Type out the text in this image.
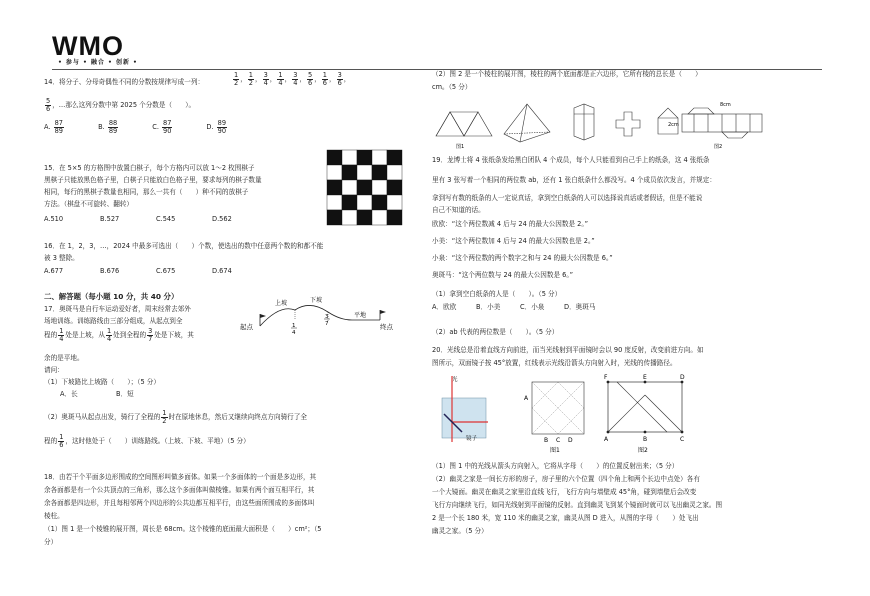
WMO
• 参与 • 融合 • 创新 •
14．将分子、分母奇偶性不同的分数按规律写成一列：	$\frac{1}{2}$ ， $\frac{1}{2}$ ， $\frac{3}{4}$ ， $\frac{1}{4}$ ， $\frac{3}{4}$ ， $\frac{5}{6}$ ， $\frac{1}{6}$ ， $\frac{3}{6}$ ，
$\frac{5}{6}$ ，…那么这列分数中第 2025 个分数是（　　）。
A. $\frac{87}{89}$	B. $\frac{88}{89}$	C. $\frac{87}{90}$	D. $\frac{89}{90}$
15．在 5×5 的方格图中放置白棋子，每个方格内可以放 1～2 枚围棋子
黑棋子只能放黑色格子里，白棋子只能放白色格子里，要求每列的棋子数量
相同，每行的黑棋子数量也相同，那么一共有（　　）种不同的放棋子
方法。（棋盘不可旋转、翻转）
A.510	B.527	C.545	D.562
16．在 1，2，3，…，2024 中最多可选出（　　）个数，使选出的数中任意两个数的和都不能
被 3 整除。
A.677	B.676	C.675	D.674
二、解答题（每小题 10 分，共 40 分）
17．奥斑马是自行车运动爱好者，周末经常去郊外
场地训练。训练路线由三部分组成，从起点到全
程的 $\frac{1}{4}$ 处是上坡，从 $\frac{1}{4}$ 处到全程的 $\frac{3}{7}$ 处是下坡，其
余的是平地。
起点	终点
上坡	下坡
平地
1
4
3
7
请问：
（1）下坡路比上坡路（　　）；（5 分）
A．长	B．短
（2）奥斑马从起点出发，骑行了全程的 $\frac{1}{2}$ 时在原地休息，然后又继续向终点方向骑行了全
程的 $\frac{1}{6}$ ，这时他处于（　　）训练路线。（上坡、下坡、平地）（5 分）
18．由若干个平面多边形围成的空间图形叫做多面体。如果一个多面体的一个面是多边形，其
余各面都是有一个公共顶点的三角形，那么这个多面体叫做棱锥。如果有两个面互相平行，其
余各面都是四边形，并且每相邻两个四边形的公共边都互相平行，由这些面所围成的多面体叫
棱柱。
（1）图 1 是一个棱锥的展开图，周长是 68cm。这个棱锥的底面最大面积是（　　）cm²；（5
分）
（2）图 2 是一个棱柱的展开图，棱柱的两个底面都是正六边形，它所有棱的总长是（　　）
cm。（5 分）
图1	图2
8cm
2cm
19．龙博士将 4 张纸条发给黑白团队 4 个成员，每个人只能看到自己手上的纸条，这 4 张纸条
里有 3 张写着一个相同的两位数 ab，还有 1 张白纸条什么都没写。4 个成员依次发言，并规定：
拿到写有数的纸条的人一定说真话，拿到空白纸条的人可以选择说真话或者假话，但是不能说
自己不知道的话。
欧欧：“这个两位数减 4 后与 24 的最大公因数是 2。”
小美：“这个两位数加 4 后与 24 的最大公因数也是 2。”
小泉：“这个两位数的两个数字之和与 24 的最大公因数是 6。”
奥斑马：“这个两位数与 24 的最大公因数是 6。”
（1）拿到空白纸条的人是（　　）。（5 分）
A．欧欧	B．小美	C．小泉	D．奥斑马
（2）ab 代表的两位数是（　　）。（5 分）
20．光线总是沿着直线方向前进，而当光线射到平面镜时会以 90 度反射，改变前进方向。如
图所示，双面镜子按 45°放置，红线表示光线沿箭头方向射入时，光线的传播路径。
光
镜子
A
B C D
图1
F	E	D
A	B	C
图2
（1）图 1 中的光线从箭头方向射入，它将从字母（　　）的位置反射出来；（5 分）
（2）幽灵之家是一间长方形的房子，房子里的六个位置（四个角上和两个长边中点处）各有
一个大镜面。幽灵在幽灵之家里沿直线飞行，飞行方向与墙壁成 45°角，碰到墙壁后会改变
飞行方向继续飞行，如同光线射到平面镜的反射。直到幽灵飞到某个镜面时就可以飞出幽灵之家。图
2 是一个长 180 米，宽 110 米的幽灵之家，幽灵从图 D 进入，从图的字母（　　）处飞出
幽灵之家。（5 分）
